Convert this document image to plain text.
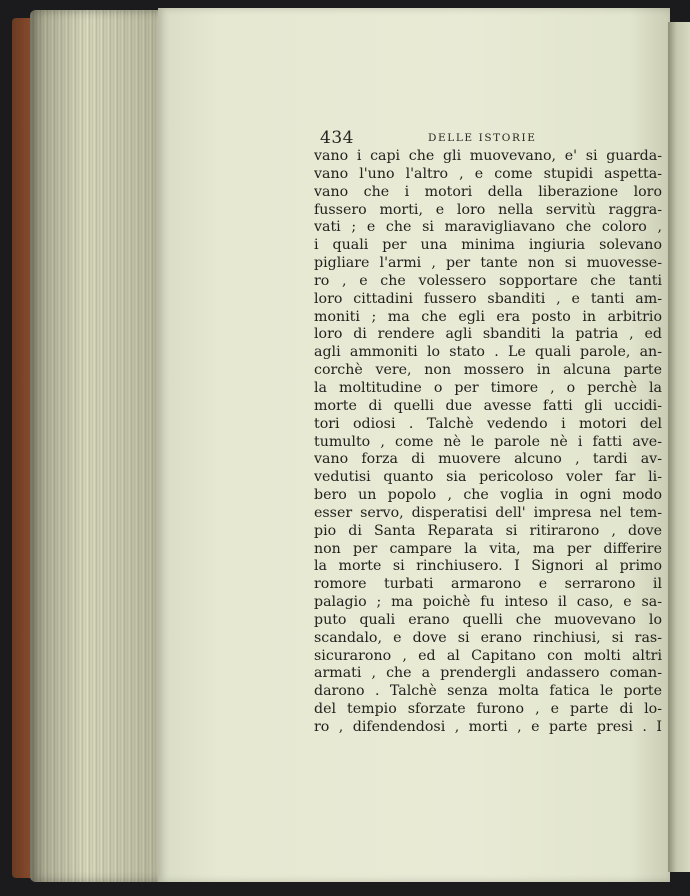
434	DELLE ISTORIE
vano i capi che gli muovevano, e' si guarda-
vano l'uno l'altro , e come stupidi aspetta-
vano che i motori della liberazione loro
fussero morti, e loro nella servitù raggra-
vati ; e che si maravigliavano che coloro ,
i quali per una minima ingiuria solevano
pigliare l'armi , per tante non si muovesse-
ro , e che volessero sopportare che tanti
loro cittadini fussero sbanditi , e tanti am-
moniti ; ma che egli era posto in arbitrio
loro di rendere agli sbanditi la patria , ed
agli ammoniti lo stato . Le quali parole, an-
corchè vere, non mossero in alcuna parte
la moltitudine o per timore , o perchè la
morte di quelli due avesse fatti gli uccidi-
tori odiosi . Talchè vedendo i motori del
tumulto , come nè le parole nè i fatti ave-
vano forza di muovere alcuno , tardi av-
vedutisi quanto sia pericoloso voler far li-
bero un popolo , che voglia in ogni modo
esser servo, disperatisi dell' impresa nel tem-
pio di Santa Reparata si ritirarono , dove
non per campare la vita, ma per differire
la morte si rinchiusero. I Signori al primo
romore turbati armarono e serrarono il
palagio ; ma poichè fu inteso il caso, e sa-
puto quali erano quelli che muovevano lo
scandalo, e dove si erano rinchiusi, si ras-
sicurarono , ed al Capitano con molti altri
armati , che a prendergli andassero coman-
darono . Talchè senza molta fatica le porte
del tempio sforzate furono , e parte di lo-
ro , difendendosi , morti , e parte presi . I
